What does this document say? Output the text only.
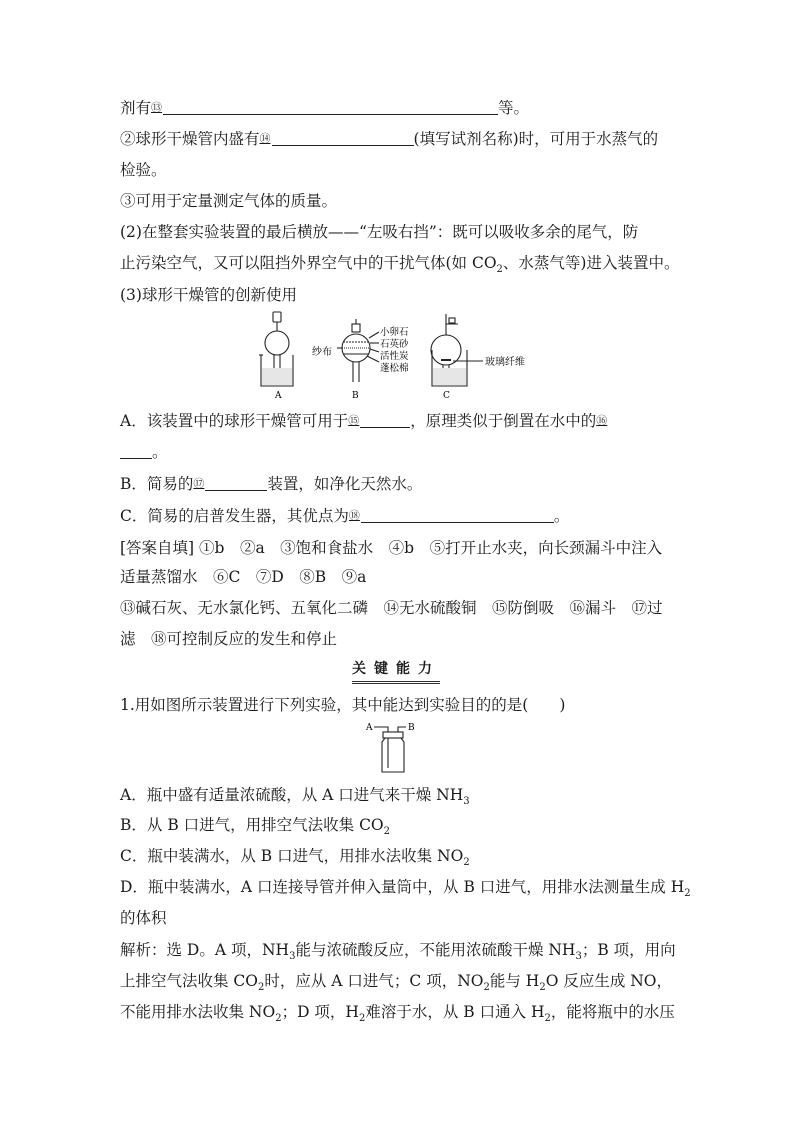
剂有⑬	等。
②球形干燥管内盛有⑭	(填写试剂名称)时，可用于水蒸气的
检验。
③可用于定量测定气体的质量。
(2)在整套实验装置的最后横放——“左吸右挡”：既可以吸收多余的尾气，防
止污染空气，又可以阻挡外界空气中的干扰气体(如 $CO_2$、水蒸气等)进入装置中。
(3)球形干燥管的创新使用
A
纱布
小卵石
石英砂
活性炭
蓬松棉
B
玻璃纤维
C
A．该装置中的球形干燥管可用于⑮	，原理类似于倒置在水中的⑯
。
B．简易的⑰	装置，如净化天然水。
C．简易的启普发生器，其优点为⑱	。
[答案自填] ①b　②a　③饱和食盐水　④b　⑤打开止水夹，向长颈漏斗中注入
适量蒸馏水　⑥C　⑦D　⑧B　⑨a
⑬碱石灰、无水氯化钙、五氧化二磷　⑭无水硫酸铜　⑮防倒吸　⑯漏斗　⑰过
滤　⑱可控制反应的发生和停止
关键能力
1.用如图所示装置进行下列实验，其中能达到实验目的的是(　　)
A	B
A．瓶中盛有适量浓硫酸，从 A 口进气来干燥 $NH_3$
B．从 B 口进气，用排空气法收集 $CO_2$
C．瓶中装满水，从 B 口进气，用排水法收集 $NO_2$
D．瓶中装满水，A 口连接导管并伸入量筒中，从 B 口进气，用排水法测量生成 $H_2$
的体积
解析：选 D。A 项，$NH_3$能与浓硫酸反应，不能用浓硫酸干燥 $NH_3$；B 项，用向
上排空气法收集 $CO_2$时，应从 A 口进气；C 项，$NO_2$能与 $H_2O$ 反应生成 NO，
不能用排水法收集 $NO_2$；D 项，$H_2$难溶于水，从 B 口通入 $H_2$，能将瓶中的水压
